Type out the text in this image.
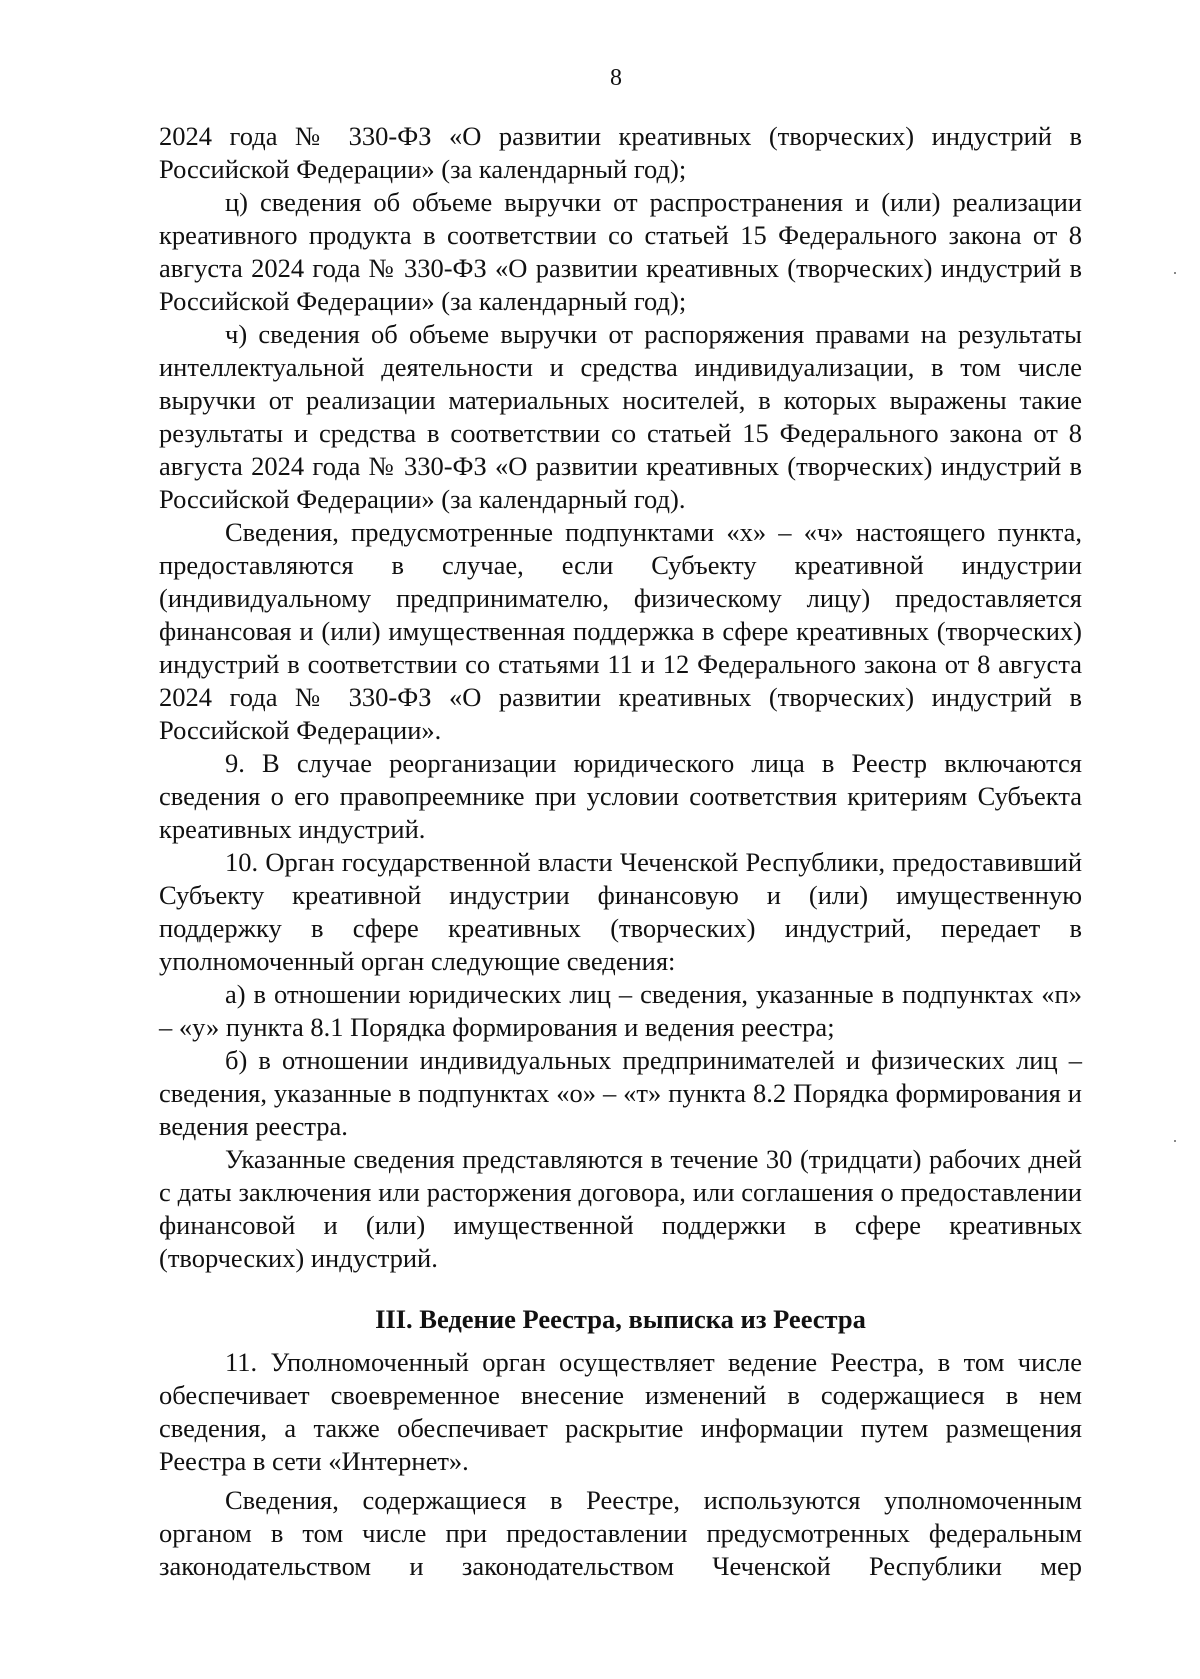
8

2024 года № 330-ФЗ «О развитии креативных (творческих) индустрий в Российской Федерации» (за календарный год);

ц) сведения об объеме выручки от распространения и (или) реализации креативного продукта в соответствии со статьей 15 Федерального закона от 8 августа 2024 года № 330-ФЗ «О развитии креативных (творческих) индустрий в Российской Федерации» (за календарный год);

ч) сведения об объеме выручки от распоряжения правами на результаты интеллектуальной деятельности и средства индивидуализации, в том числе выручки от реализации материальных носителей, в которых выражены такие результаты и средства в соответствии со статьей 15 Федерального закона от 8 августа 2024 года № 330-ФЗ «О развитии креативных (творческих) индустрий в Российской Федерации» (за календарный год).

Сведения, предусмотренные подпунктами «х» – «ч» настоящего пункта, предоставляются в случае, если Субъекту креативной индустрии (индивидуальному предпринимателю, физическому лицу) предоставляется финансовая и (или) имущественная поддержка в сфере креативных (творческих) индустрий в соответствии со статьями 11 и 12 Федерального закона от 8 августа 2024 года № 330-ФЗ «О развитии креативных (творческих) индустрий в Российской Федерации».

9. В случае реорганизации юридического лица в Реестр включаются сведения о его правопреемнике при условии соответствия критериям Субъекта креативных индустрий.

10. Орган государственной власти Чеченской Республики, предоставивший Субъекту креативной индустрии финансовую и (или) имущественную поддержку в сфере креативных (творческих) индустрий, передает в уполномоченный орган следующие сведения:

а) в отношении юридических лиц – сведения, указанные в подпунктах «п» – «у» пункта 8.1 Порядка формирования и ведения реестра;

б) в отношении индивидуальных предпринимателей и физических лиц – сведения, указанные в подпунктах «о» – «т» пункта 8.2 Порядка формирования и ведения реестра.

Указанные сведения представляются в течение 30 (тридцати) рабочих дней с даты заключения или расторжения договора, или соглашения о предоставлении финансовой и (или) имущественной поддержки в сфере креативных (творческих) индустрий.

III. Ведение Реестра, выписка из Реестра

11. Уполномоченный орган осуществляет ведение Реестра, в том числе обеспечивает своевременное внесение изменений в содержащиеся в нем сведения, а также обеспечивает раскрытие информации путем размещения Реестра в сети «Интернет».

Сведения, содержащиеся в Реестре, используются уполномоченным органом в том числе при предоставлении предусмотренных федеральным законодательством и законодательством Чеченской Республики мер
